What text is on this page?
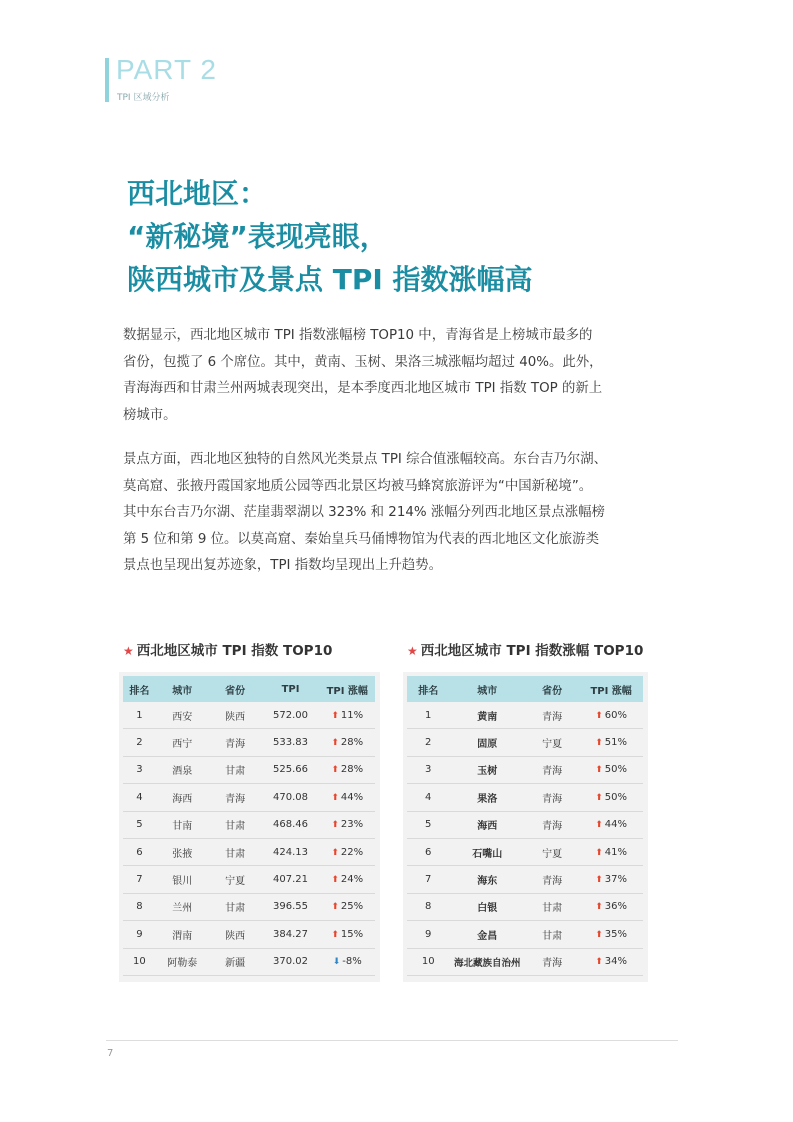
PART 2
TPI 区域分析
西北地区：
“新秘境”表现亮眼，
陕西城市及景点 TPI 指数涨幅高
数据显示，西北地区城市 TPI 指数涨幅榜 TOP10 中，青海省是上榜城市最多的
省份，包揽了 6 个席位。其中，黄南、玉树、果洛三城涨幅均超过 40%。此外，
青海海西和甘肃兰州两城表现突出，是本季度西北地区城市 TPI 指数 TOP 的新上
榜城市。
景点方面，西北地区独特的自然风光类景点 TPI 综合值涨幅较高。东台吉乃尔湖、
莫高窟、张掖丹霞国家地质公园等西北景区均被马蜂窝旅游评为“中国新秘境”。
其中东台吉乃尔湖、茫崖翡翠湖以 323% 和 214% 涨幅分列西北地区景点涨幅榜
第 5 位和第 9 位。以莫高窟、秦始皇兵马俑博物馆为代表的西北地区文化旅游类
景点也呈现出复苏迹象，TPI 指数均呈现出上升趋势。
★ 西北地区城市 TPI 指数 TOP10
排名	城市	省份	TPI	TPI 涨幅
1	西安	陕西	572.00	⬆ 11%
2	西宁	青海	533.83	⬆ 28%
3	酒泉	甘肃	525.66	⬆ 28%
4	海西	青海	470.08	⬆ 44%
5	甘南	甘肃	468.46	⬆ 23%
6	张掖	甘肃	424.13	⬆ 22%
7	银川	宁夏	407.21	⬆ 24%
8	兰州	甘肃	396.55	⬆ 25%
9	渭南	陕西	384.27	⬆ 15%
10	阿勒泰	新疆	370.02	⬇ -8%
★ 西北地区城市 TPI 指数涨幅 TOP10
排名	城市	省份	TPI 涨幅
1	黄南	青海	⬆ 60%
2	固原	宁夏	⬆ 51%
3	玉树	青海	⬆ 50%
4	果洛	青海	⬆ 50%
5	海西	青海	⬆ 44%
6	石嘴山	宁夏	⬆ 41%
7	海东	青海	⬆ 37%
8	白银	甘肃	⬆ 36%
9	金昌	甘肃	⬆ 35%
10	海北藏族自治州	青海	⬆ 34%
7
